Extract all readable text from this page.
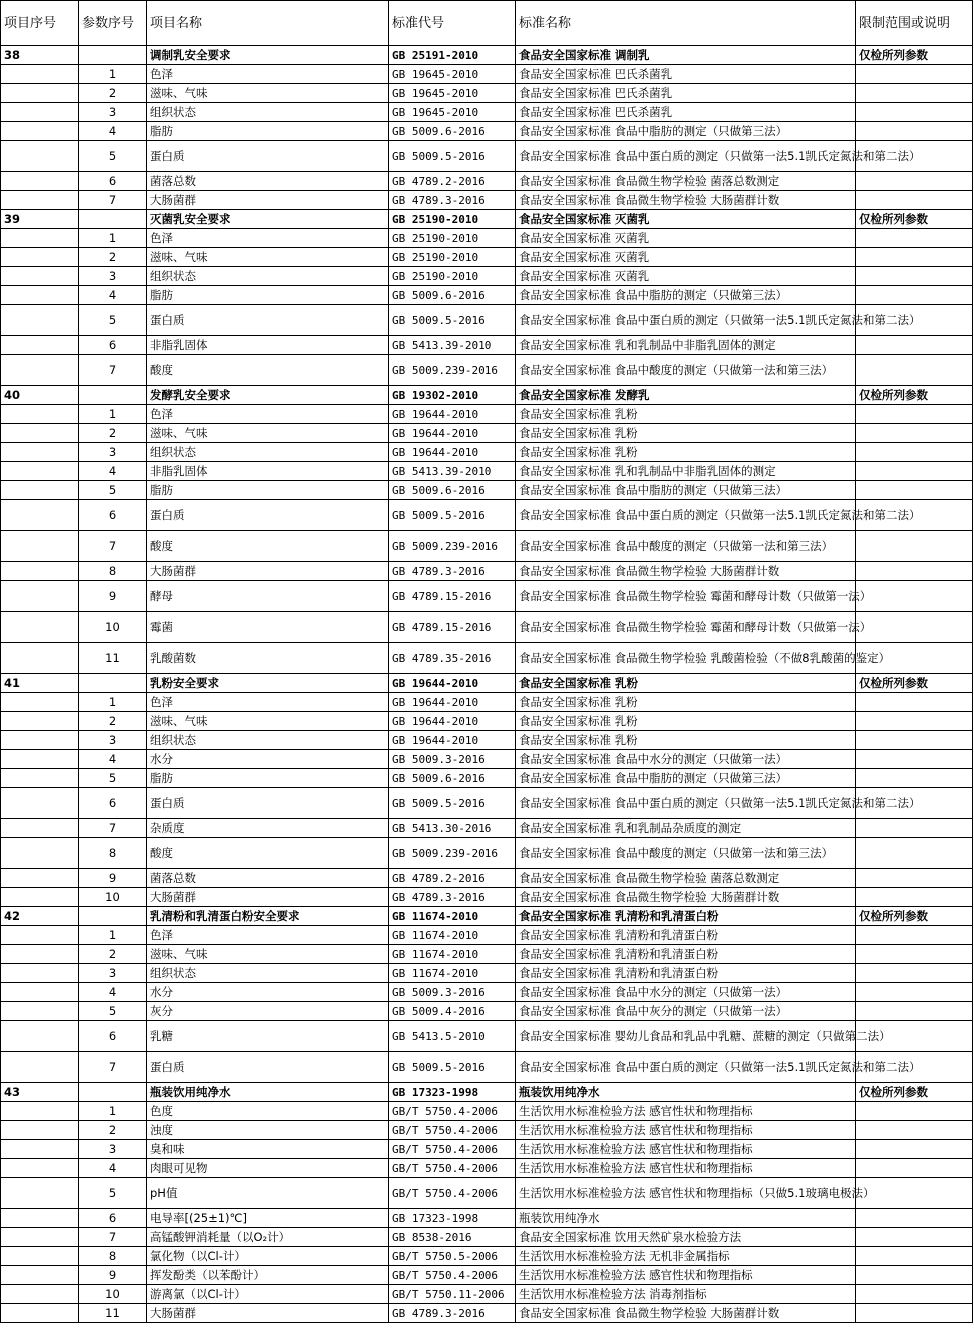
项目序号	参数序号	项目名称	标准代号	标准名称	限制范围或说明
38		调制乳安全要求	GB 25191-2010	食品安全国家标准 调制乳	仅检所列参数
	1	色泽	GB 19645-2010	食品安全国家标准 巴氏杀菌乳	
	2	滋味、气味	GB 19645-2010	食品安全国家标准 巴氏杀菌乳	
	3	组织状态	GB 19645-2010	食品安全国家标准 巴氏杀菌乳	
	4	脂肪	GB 5009.6-2016	食品安全国家标准 食品中脂肪的测定（只做第三法）	
	5	蛋白质	GB 5009.5-2016	食品安全国家标准 食品中蛋白质的测定（只做第一法5.1凯氏定氮法和第二法）	
	6	菌落总数	GB 4789.2-2016	食品安全国家标准 食品微生物学检验 菌落总数测定	
	7	大肠菌群	GB 4789.3-2016	食品安全国家标准 食品微生物学检验 大肠菌群计数	
39		灭菌乳安全要求	GB 25190-2010	食品安全国家标准 灭菌乳	仅检所列参数
	1	色泽	GB 25190-2010	食品安全国家标准 灭菌乳	
	2	滋味、气味	GB 25190-2010	食品安全国家标准 灭菌乳	
	3	组织状态	GB 25190-2010	食品安全国家标准 灭菌乳	
	4	脂肪	GB 5009.6-2016	食品安全国家标准 食品中脂肪的测定（只做第三法）	
	5	蛋白质	GB 5009.5-2016	食品安全国家标准 食品中蛋白质的测定（只做第一法5.1凯氏定氮法和第二法）	
	6	非脂乳固体	GB 5413.39-2010	食品安全国家标准 乳和乳制品中非脂乳固体的测定	
	7	酸度	GB 5009.239-2016	食品安全国家标准 食品中酸度的测定（只做第一法和第三法）	
40		发酵乳安全要求	GB 19302-2010	食品安全国家标准 发酵乳	仅检所列参数
	1	色泽	GB 19644-2010	食品安全国家标准 乳粉	
	2	滋味、气味	GB 19644-2010	食品安全国家标准 乳粉	
	3	组织状态	GB 19644-2010	食品安全国家标准 乳粉	
	4	非脂乳固体	GB 5413.39-2010	食品安全国家标准 乳和乳制品中非脂乳固体的测定	
	5	脂肪	GB 5009.6-2016	食品安全国家标准 食品中脂肪的测定（只做第三法）	
	6	蛋白质	GB 5009.5-2016	食品安全国家标准 食品中蛋白质的测定（只做第一法5.1凯氏定氮法和第二法）	
	7	酸度	GB 5009.239-2016	食品安全国家标准 食品中酸度的测定（只做第一法和第三法）	
	8	大肠菌群	GB 4789.3-2016	食品安全国家标准 食品微生物学检验 大肠菌群计数	
	9	酵母	GB 4789.15-2016	食品安全国家标准 食品微生物学检验 霉菌和酵母计数（只做第一法）	
	10	霉菌	GB 4789.15-2016	食品安全国家标准 食品微生物学检验 霉菌和酵母计数（只做第一法）	
	11	乳酸菌数	GB 4789.35-2016	食品安全国家标准 食品微生物学检验 乳酸菌检验（不做8乳酸菌的鉴定）	
41		乳粉安全要求	GB 19644-2010	食品安全国家标准 乳粉	仅检所列参数
	1	色泽	GB 19644-2010	食品安全国家标准 乳粉	
	2	滋味、气味	GB 19644-2010	食品安全国家标准 乳粉	
	3	组织状态	GB 19644-2010	食品安全国家标准 乳粉	
	4	水分	GB 5009.3-2016	食品安全国家标准 食品中水分的测定（只做第一法）	
	5	脂肪	GB 5009.6-2016	食品安全国家标准 食品中脂肪的测定（只做第三法）	
	6	蛋白质	GB 5009.5-2016	食品安全国家标准 食品中蛋白质的测定（只做第一法5.1凯氏定氮法和第二法）	
	7	杂质度	GB 5413.30-2016	食品安全国家标准 乳和乳制品杂质度的测定	
	8	酸度	GB 5009.239-2016	食品安全国家标准 食品中酸度的测定（只做第一法和第三法）	
	9	菌落总数	GB 4789.2-2016	食品安全国家标准 食品微生物学检验 菌落总数测定	
	10	大肠菌群	GB 4789.3-2016	食品安全国家标准 食品微生物学检验 大肠菌群计数	
42		乳清粉和乳清蛋白粉安全要求	GB 11674-2010	食品安全国家标准 乳清粉和乳清蛋白粉	仅检所列参数
	1	色泽	GB 11674-2010	食品安全国家标准 乳清粉和乳清蛋白粉	
	2	滋味、气味	GB 11674-2010	食品安全国家标准 乳清粉和乳清蛋白粉	
	3	组织状态	GB 11674-2010	食品安全国家标准 乳清粉和乳清蛋白粉	
	4	水分	GB 5009.3-2016	食品安全国家标准 食品中水分的测定（只做第一法）	
	5	灰分	GB 5009.4-2016	食品安全国家标准 食品中灰分的测定（只做第一法）	
	6	乳糖	GB 5413.5-2010	食品安全国家标准 婴幼儿食品和乳品中乳糖、蔗糖的测定（只做第二法）	
	7	蛋白质	GB 5009.5-2016	食品安全国家标准 食品中蛋白质的测定（只做第一法5.1凯氏定氮法和第二法）	
43		瓶装饮用纯净水	GB 17323-1998	瓶装饮用纯净水	仅检所列参数
	1	色度	GB/T 5750.4-2006	生活饮用水标准检验方法 感官性状和物理指标	
	2	浊度	GB/T 5750.4-2006	生活饮用水标准检验方法 感官性状和物理指标	
	3	臭和味	GB/T 5750.4-2006	生活饮用水标准检验方法 感官性状和物理指标	
	4	肉眼可见物	GB/T 5750.4-2006	生活饮用水标准检验方法 感官性状和物理指标	
	5	pH值	GB/T 5750.4-2006	生活饮用水标准检验方法 感官性状和物理指标（只做5.1玻璃电极法）	
	6	电导率[(25±1)℃]	GB 17323-1998	瓶装饮用纯净水	
	7	高锰酸钾消耗量（以O₂计）	GB 8538-2016	食品安全国家标准 饮用天然矿泉水检验方法	
	8	氯化物（以Cl-计）	GB/T 5750.5-2006	生活饮用水标准检验方法 无机非金属指标	
	9	挥发酚类（以苯酚计）	GB/T 5750.4-2006	生活饮用水标准检验方法 感官性状和物理指标	
	10	游离氯（以Cl-计）	GB/T 5750.11-2006	生活饮用水标准检验方法 消毒剂指标	
	11	大肠菌群	GB 4789.3-2016	食品安全国家标准 食品微生物学检验 大肠菌群计数	
